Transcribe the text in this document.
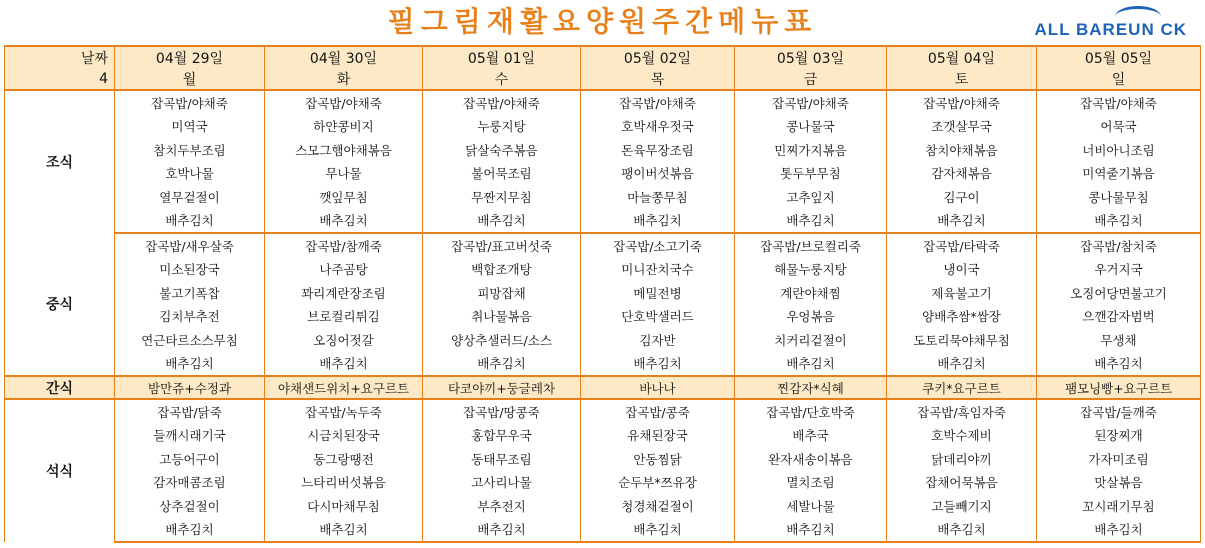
필그림재활요양원주간메뉴표	ALL BAREUN CK
날짜	04월 29일	04월 30일	05월 01일	05월 02일	05월 03일	05월 04일	05월 05일
4	월	화	수	목	금	토	일
조식	잡곡밥/야채죽	잡곡밥/야채죽	잡곡밥/야채죽	잡곡밥/야채죽	잡곡밥/야채죽	잡곡밥/야채죽	잡곡밥/야채죽
	미역국	하얀콩비지	누룽지탕	호박새우젓국	콩나물국	조갯살무국	어묵국
	참치두부조림	스모그햄야채볶음	닭살숙주볶음	돈육무장조림	민찌가지볶음	참치야채볶음	너비아니조림
	호박나물	무나물	불어묵조림	팽이버섯볶음	톳두부무침	감자채볶음	미역줄기볶음
	열무겉절이	깻잎무침	무짠지무침	마늘쫑무침	고추잎지	김구이	콩나물무침
	배추김치	배추김치	배추김치	배추김치	배추김치	배추김치	배추김치
중식	잡곡밥/새우살죽	잡곡밥/참깨죽	잡곡밥/표고버섯죽	잡곡밥/소고기죽	잡곡밥/브로컬리죽	잡곡밥/타락죽	잡곡밥/참치죽
	미소된장국	나주곰탕	백합조개탕	미니잔치국수	해물누룽지탕	냉이국	우거지국
	불고기폭찹	꽈리계란장조림	피망잡채	메밀전병	계란야채찜	제육불고기	오징어당면불고기
	김치부추전	브로컬리튀김	취나물볶음	단호박샐러드	우엉볶음	양배추쌈*쌈장	으깬감자범벅
	연근타르소스무침	오징어젓갈	양상추샐러드/소스	김자반	치커리겉절이	도토리묵야채무침	무생채
	배추김치	배추김치	배추김치	배추김치	배추김치	배추김치	배추김치
간식	밤만쥬+수정과	야채샌드위치+요구르트	타코야끼+둥글레차	바나나	찐감자*식혜	쿠키*요구르트	팸모닝빵+요구르트
석식	잡곡밥/닭죽	잡곡밥/녹두죽	잡곡밥/땅콩죽	잡곡밥/콩죽	잡곡밥/단호박죽	잡곡밥/흑임자죽	잡곡밥/들깨죽
	들깨시래기국	시금치된장국	홍합무우국	유채된장국	배추국	호박수제비	된장찌개
	고등어구이	동그랑땡전	동태무조림	안동찜닭	완자새송이볶음	닭데리야끼	가자미조림
	감자매콤조림	느타리버섯볶음	고사리나물	순두부*쯔유장	멸치조림	잡채어묵볶음	맛살볶음
	상추겉절이	다시마채무침	부추전지	청경채겉절이	세발나물	고들빼기지	꼬시래기무침
	배추김치	배추김치	배추김치	배추김치	배추김치	배추김치	배추김치
